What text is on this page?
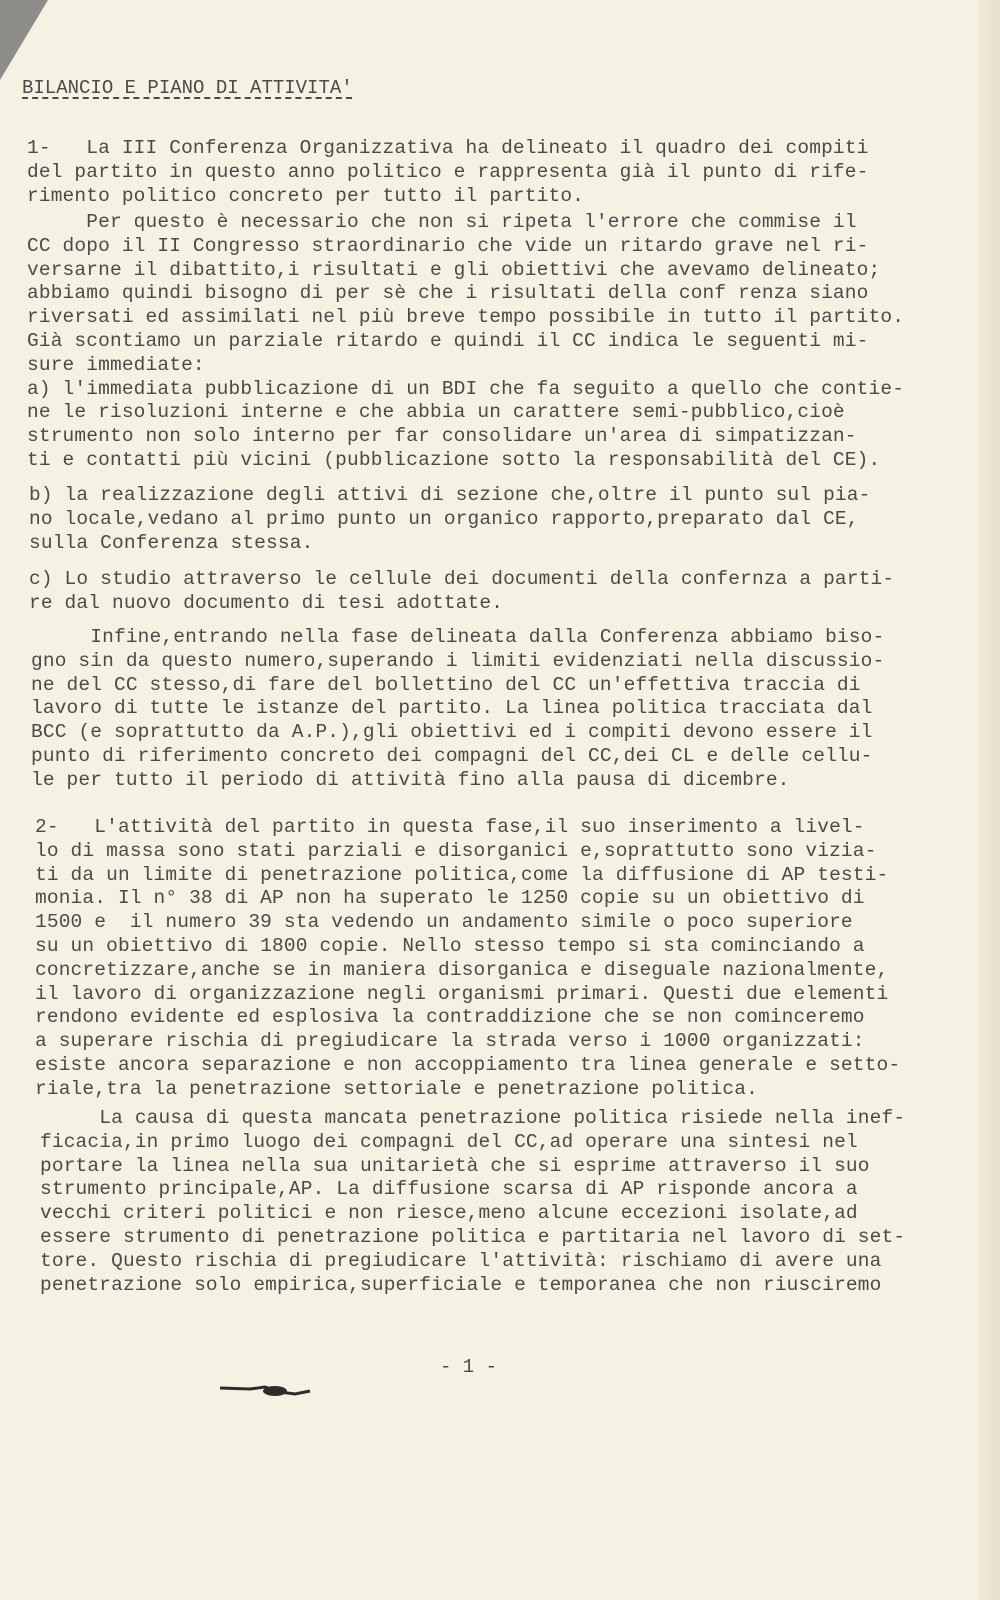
BILANCIO E PIANO DI ATTIVITA'
1-   La III Conferenza Organizzativa ha delineato il quadro dei compiti
del partito in questo anno politico e rappresenta già il punto di rife-
rimento politico concreto per tutto il partito.
Per questo è necessario che non si ripeta l'errore che commise il
CC dopo il II Congresso straordinario che vide un ritardo grave nel ri-
versarne il dibattito,i risultati e gli obiettivi che avevamo delineato;
abbiamo quindi bisogno di per sè che i risultati della conf renza siano
riversati ed assimilati nel più breve tempo possibile in tutto il partito.
Già scontiamo un parziale ritardo e quindi il CC indica le seguenti mi-
sure immediate:
a) l'immediata pubblicazione di un BDI che fa seguito a quello che contie-
ne le risoluzioni interne e che abbia un carattere semi-pubblico,cioè
strumento non solo interno per far consolidare un'area di simpatizzan-
ti e contatti più vicini (pubblicazione sotto la responsabilità del CE).
b) la realizzazione degli attivi di sezione che,oltre il punto sul pia-
no locale,vedano al primo punto un organico rapporto,preparato dal CE,
sulla Conferenza stessa.
c) Lo studio attraverso le cellule dei documenti della confernza a parti-
re dal nuovo documento di tesi adottate.
Infine,entrando nella fase delineata dalla Conferenza abbiamo biso-
gno sin da questo numero,superando i limiti evidenziati nella discussio-
ne del CC stesso,di fare del bollettino del CC un'effettiva traccia di
lavoro di tutte le istanze del partito. La linea politica tracciata dal
BCC (e soprattutto da A.P.),gli obiettivi ed i compiti devono essere il
punto di riferimento concreto dei compagni del CC,dei CL e delle cellu-
le per tutto il periodo di attività fino alla pausa di dicembre.
2-   L'attività del partito in questa fase,il suo inserimento a livel-
lo di massa sono stati parziali e disorganici e,soprattutto sono vizia-
ti da un limite di penetrazione politica,come la diffusione di AP testi-
monia. Il n° 38 di AP non ha superato le 1250 copie su un obiettivo di
1500 e  il numero 39 sta vedendo un andamento simile o poco superiore
su un obiettivo di 1800 copie. Nello stesso tempo si sta cominciando a
concretizzare,anche se in maniera disorganica e diseguale nazionalmente,
il lavoro di organizzazione negli organismi primari. Questi due elementi
rendono evidente ed esplosiva la contraddizione che se non cominceremo
a superare rischia di pregiudicare la strada verso i 1000 organizzati:
esiste ancora separazione e non accoppiamento tra linea generale e setto-
riale,tra la penetrazione settoriale e penetrazione politica.
La causa di questa mancata penetrazione politica risiede nella inef-
ficacia,in primo luogo dei compagni del CC,ad operare una sintesi nel
portare la linea nella sua unitarietà che si esprime attraverso il suo
strumento principale,AP. La diffusione scarsa di AP risponde ancora a
vecchi criteri politici e non riesce,meno alcune eccezioni isolate,ad
essere strumento di penetrazione politica e partitaria nel lavoro di set-
tore. Questo rischia di pregiudicare l'attività: rischiamo di avere una
penetrazione solo empirica,superficiale e temporanea che non riusciremo
- 1 -
